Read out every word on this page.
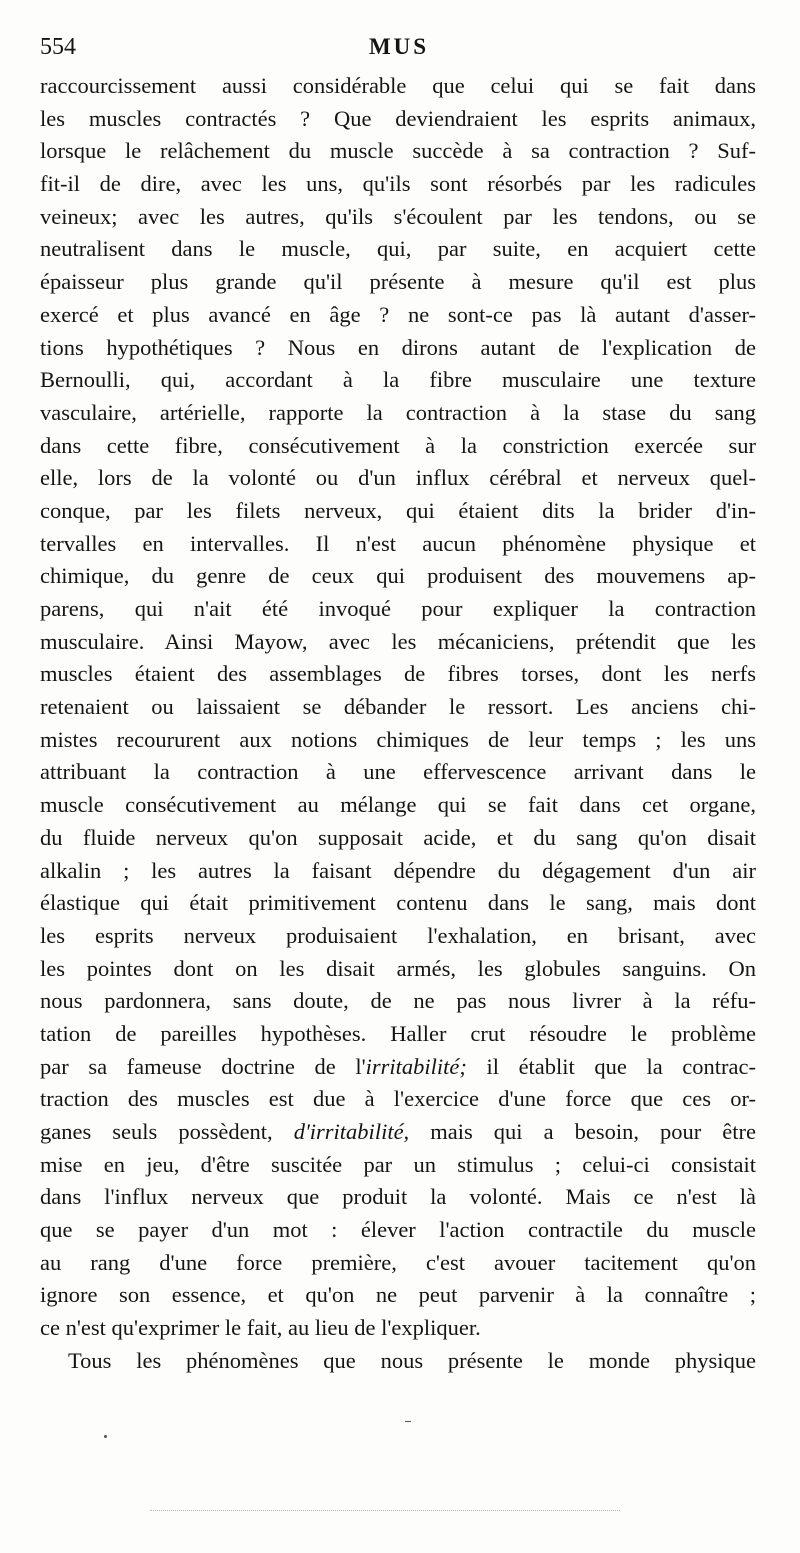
554	MUS
raccourcissement aussi considérable que celui qui se fait dans
les muscles contractés ? Que deviendraient les esprits animaux,
lorsque le relâchement du muscle succède à sa contraction ? Suf-
fit-il de dire, avec les uns, qu'ils sont résorbés par les radicules
veineux; avec les autres, qu'ils s'écoulent par les tendons, ou se
neutralisent dans le muscle, qui, par suite, en acquiert cette
épaisseur plus grande qu'il présente à mesure qu'il est plus
exercé et plus avancé en âge ? ne sont-ce pas là autant d'asser-
tions hypothétiques ? Nous en dirons autant de l'explication de
Bernoulli, qui, accordant à la fibre musculaire une texture
vasculaire, artérielle, rapporte la contraction à la stase du sang
dans cette fibre, consécutivement à la constriction exercée sur
elle, lors de la volonté ou d'un influx cérébral et nerveux quel-
conque, par les filets nerveux, qui étaient dits la brider d'in-
tervalles en intervalles. Il n'est aucun phénomène physique et
chimique, du genre de ceux qui produisent des mouvemens ap-
parens, qui n'ait été invoqué pour expliquer la contraction
musculaire. Ainsi Mayow, avec les mécaniciens, prétendit que les
muscles étaient des assemblages de fibres torses, dont les nerfs
retenaient ou laissaient se débander le ressort. Les anciens chi-
mistes recoururent aux notions chimiques de leur temps ; les uns
attribuant la contraction à une effervescence arrivant dans le
muscle consécutivement au mélange qui se fait dans cet organe,
du fluide nerveux qu'on supposait acide, et du sang qu'on disait
alkalin ; les autres la faisant dépendre du dégagement d'un air
élastique qui était primitivement contenu dans le sang, mais dont
les esprits nerveux produisaient l'exhalation, en brisant, avec
les pointes dont on les disait armés, les globules sanguins. On
nous pardonnera, sans doute, de ne pas nous livrer à la réfu-
tation de pareilles hypothèses. Haller crut résoudre le problème
par sa fameuse doctrine de l'irritabilité; il établit que la contrac-
traction des muscles est due à l'exercice d'une force que ces or-
ganes seuls possèdent, d'irritabilité, mais qui a besoin, pour être
mise en jeu, d'être suscitée par un stimulus ; celui-ci consistait
dans l'influx nerveux que produit la volonté. Mais ce n'est là
que se payer d'un mot : élever l'action contractile du muscle
au rang d'une force première, c'est avouer tacitement qu'on
ignore son essence, et qu'on ne peut parvenir à la connaître ;
ce n'est qu'exprimer le fait, au lieu de l'expliquer.
Tous les phénomènes que nous présente le monde physique
